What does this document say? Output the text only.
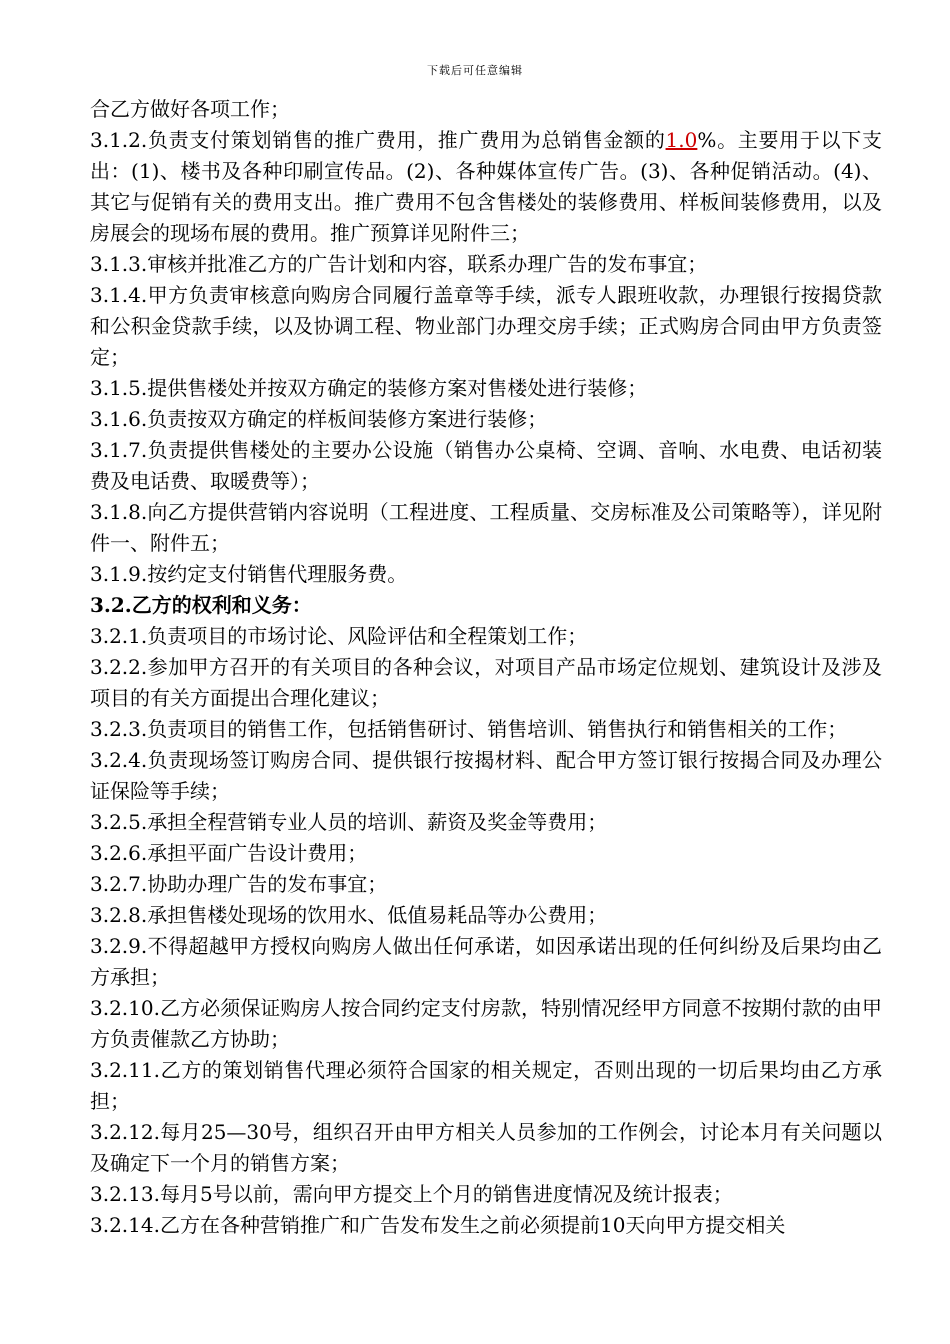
下载后可任意编辑

合乙方做好各项工作；

3.1.2.负责支付策划销售的推广费用，推广费用为总销售金额的1.0%。主要用于以下支出：(1)、楼书及各种印刷宣传品。(2)、各种媒体宣传广告。(3)、各种促销活动。(4)、其它与促销有关的费用支出。推广费用不包含售楼处的装修费用、样板间装修费用，以及房展会的现场布展的费用。推广预算详见附件三；

3.1.3.审核并批准乙方的广告计划和内容，联系办理广告的发布事宜；

3.1.4.甲方负责审核意向购房合同履行盖章等手续，派专人跟班收款，办理银行按揭贷款和公积金贷款手续，以及协调工程、物业部门办理交房手续；正式购房合同由甲方负责签定；

3.1.5.提供售楼处并按双方确定的装修方案对售楼处进行装修；

3.1.6.负责按双方确定的样板间装修方案进行装修；

3.1.7.负责提供售楼处的主要办公设施（销售办公桌椅、空调、音响、水电费、电话初装费及电话费、取暖费等）；

3.1.8.向乙方提供营销内容说明（工程进度、工程质量、交房标准及公司策略等），详见附件一、附件五；

3.1.9.按约定支付销售代理服务费。

3.2.乙方的权利和义务：

3.2.1.负责项目的市场讨论、风险评估和全程策划工作；

3.2.2.参加甲方召开的有关项目的各种会议，对项目产品市场定位规划、建筑设计及涉及项目的有关方面提出合理化建议；

3.2.3.负责项目的销售工作，包括销售研讨、销售培训、销售执行和销售相关的工作；

3.2.4.负责现场签订购房合同、提供银行按揭材料、配合甲方签订银行按揭合同及办理公证保险等手续；

3.2.5.承担全程营销专业人员的培训、薪资及奖金等费用；

3.2.6.承担平面广告设计费用；

3.2.7.协助办理广告的发布事宜；

3.2.8.承担售楼处现场的饮用水、低值易耗品等办公费用；

3.2.9.不得超越甲方授权向购房人做出任何承诺，如因承诺出现的任何纠纷及后果均由乙方承担；

3.2.10.乙方必须保证购房人按合同约定支付房款，特别情况经甲方同意不按期付款的由甲方负责催款乙方协助；

3.2.11.乙方的策划销售代理必须符合国家的相关规定，否则出现的一切后果均由乙方承担；

3.2.12.每月25—30号，组织召开由甲方相关人员参加的工作例会，讨论本月有关问题以及确定下一个月的销售方案；

3.2.13.每月5号以前，需向甲方提交上个月的销售进度情况及统计报表；

3.2.14.乙方在各种营销推广和广告发布发生之前必须提前10天向甲方提交相关
